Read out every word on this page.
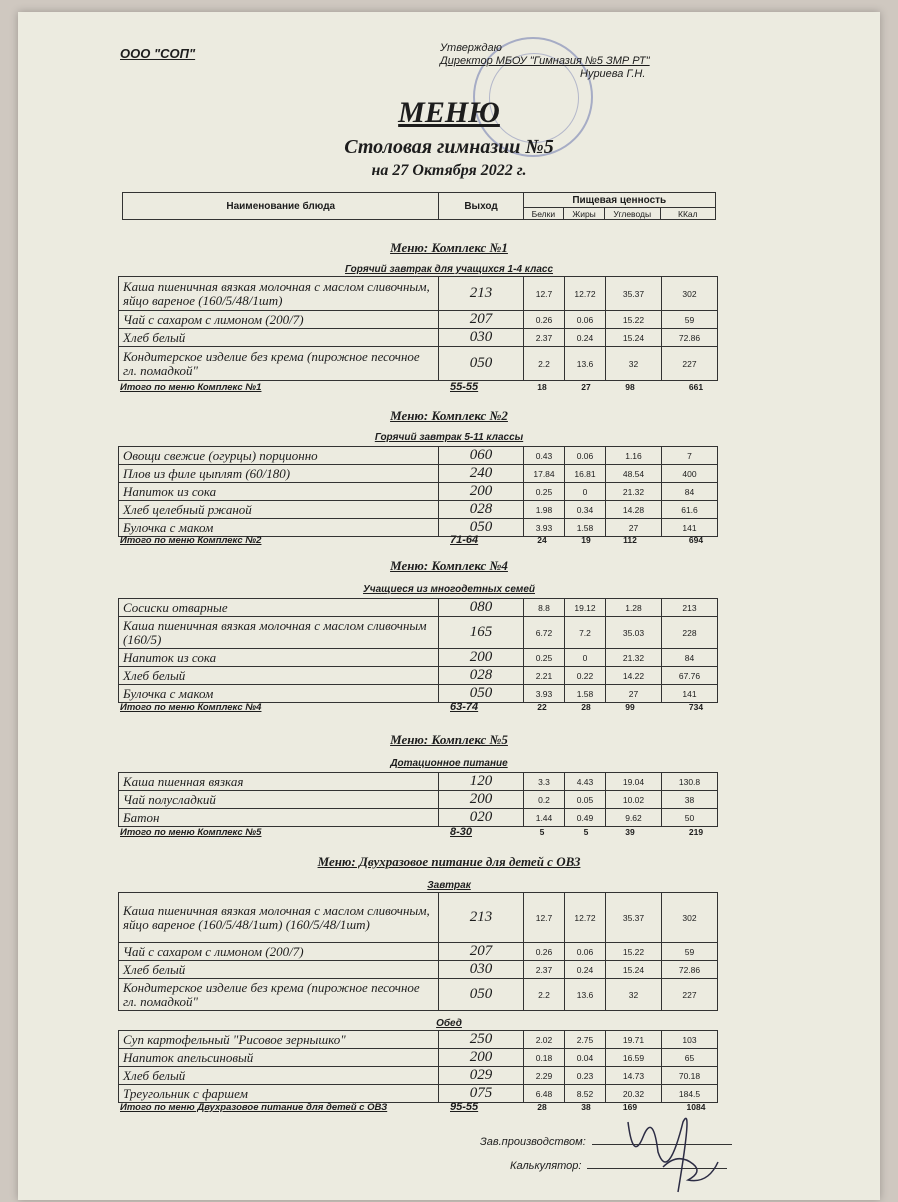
ООО "СОП"	Утверждаю
Директор МБОУ "Гимназия №5 ЗМР РТ"
Нуриева Г.Н.
МЕНЮ
Столовая гимназии №5
на 27 Октября 2022 г.
Наименование блюда	Выход	Пищевая ценность			
		Белки	Жиры	Углеводы	ККал
Меню: Комплекс №1
Горячий завтрак для учащихся 1-4 класс
Каша пшеничная вязкая молочная с маслом сливочным, яйцо вареное (160/5/48/1шт)	213	12.7	12.72	35.37	302
Чай с сахаром с лимоном (200/7)	207	0.26	0.06	15.22	59
Хлеб белый	030	2.37	0.24	15.24	72.86
Кондитерское изделие без крема (пирожное песочное гл. помадкой"	050	2.2	13.6	32	227
Итого по меню Комплекс №1	55-55	18	27	98	661
Меню: Комплекс №2
Горячий завтрак 5-11 классы
Овощи свежие (огурцы) порционно	060	0.43	0.06	1.16	7
Плов из филе цыплят (60/180)	240	17.84	16.81	48.54	400
Напиток из сока	200	0.25	0	21.32	84
Хлеб целебный ржаной	028	1.98	0.34	14.28	61.6
Булочка с маком	050	3.93	1.58	27	141
Итого по меню Комплекс №2	71-64	24	19	112	694
Меню: Комплекс №4
Учащиеся из многодетных семей
Сосиски отварные	080	8.8	19.12	1.28	213
Каша пшеничная вязкая молочная с маслом сливочным (160/5)	165	6.72	7.2	35.03	228
Напиток из сока	200	0.25	0	21.32	84
Хлеб белый	028	2.21	0.22	14.22	67.76
Булочка с маком	050	3.93	1.58	27	141
Итого по меню Комплекс №4	63-74	22	28	99	734
Меню: Комплекс №5
Дотационное питание
Каша пшенная вязкая	120	3.3	4.43	19.04	130.8
Чай полусладкий	200	0.2	0.05	10.02	38
Батон	020	1.44	0.49	9.62	50
Итого по меню Комплекс №5	8-30	5	5	39	219
Меню: Двухразовое питание для детей с ОВЗ
Завтрак
Каша пшеничная вязкая молочная с маслом сливочным, яйцо вареное (160/5/48/1шт) (160/5/48/1шт)	213	12.7	12.72	35.37	302
Чай с сахаром с лимоном (200/7)	207	0.26	0.06	15.22	59
Хлеб белый	030	2.37	0.24	15.24	72.86
Кондитерское изделие без крема (пирожное песочное гл. помадкой"	050	2.2	13.6	32	227
Обед
Суп картофельный "Рисовое зернышко"	250	2.02	2.75	19.71	103
Напиток апельсиновый	200	0.18	0.04	16.59	65
Хлеб белый	029	2.29	0.23	14.73	70.18
Треугольник с фаршем	075	6.48	8.52	20.32	184.5
Итого по меню Двухразовое питание для детей с ОВЗ	95-55	28	38	169	1084
Зав.производством:
Калькулятор:
